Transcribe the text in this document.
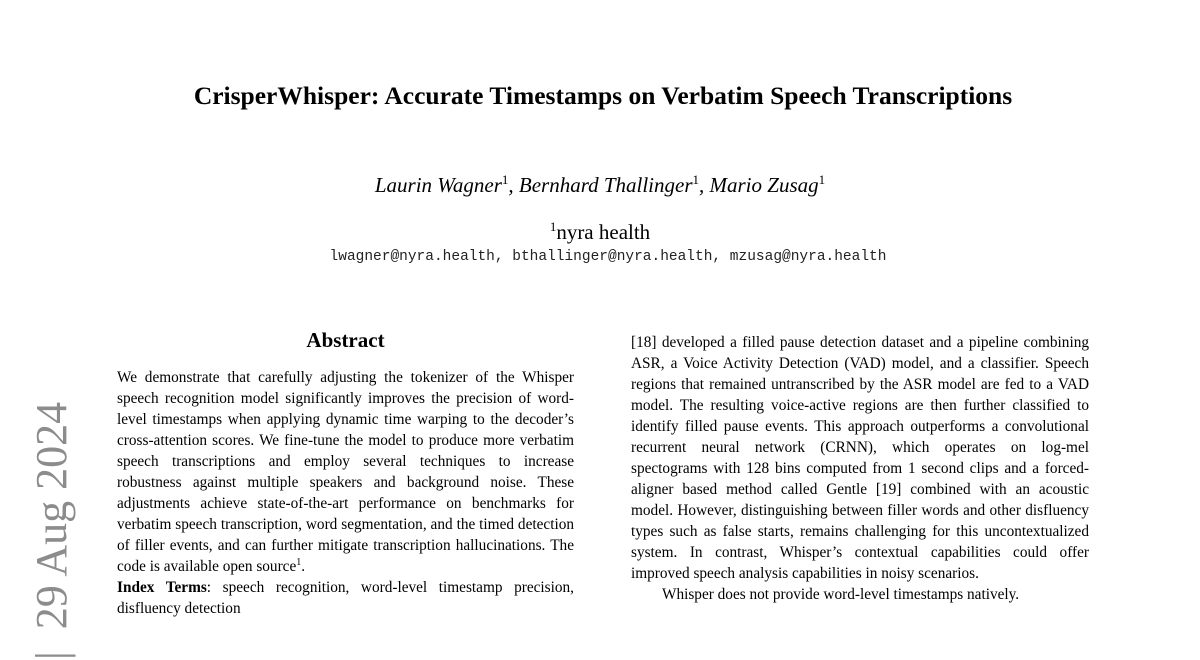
CrisperWhisper: Accurate Timestamps on Verbatim Speech Transcriptions
Laurin Wagner$^1$, Bernhard Thallinger$^1$, Mario Zusag$^1$
$^1$nyra health
lwagner@nyra.health, bthallinger@nyra.health, mzusag@nyra.health
|  29 Aug 2024
Abstract

We demonstrate that carefully adjusting the tokenizer of the Whisper speech recognition model significantly improves the precision of word-level timestamps when applying dynamic time warping to the decoder’s cross-attention scores. We fine-tune the model to produce more verbatim speech transcriptions and employ several techniques to increase robustness against multiple speakers and background noise. These adjustments achieve state-of-the-art performance on benchmarks for verbatim speech transcription, word segmentation, and the timed detection of filler events, and can further mitigate transcription hallucinations. The code is available open source$^1$.

Index Terms: speech recognition, word-level timestamp precision, disfluency detection

[18] developed a filled pause detection dataset and a pipeline combining ASR, a Voice Activity Detection (VAD) model, and a classifier. Speech regions that remained untranscribed by the ASR model are fed to a VAD model. The resulting voice-active regions are then further classified to identify filled pause events. This approach outperforms a convolutional recurrent neural network (CRNN), which operates on log-mel spectograms with 128 bins computed from 1 second clips and a forced-aligner based method called Gentle [19] combined with an acoustic model. However, distinguishing between filler words and other disfluency types such as false starts, remains challenging for this uncontextualized system. In contrast, Whisper’s contextual capabilities could offer improved speech analysis capabilities in noisy scenarios.

Whisper does not provide word-level timestamps natively.
